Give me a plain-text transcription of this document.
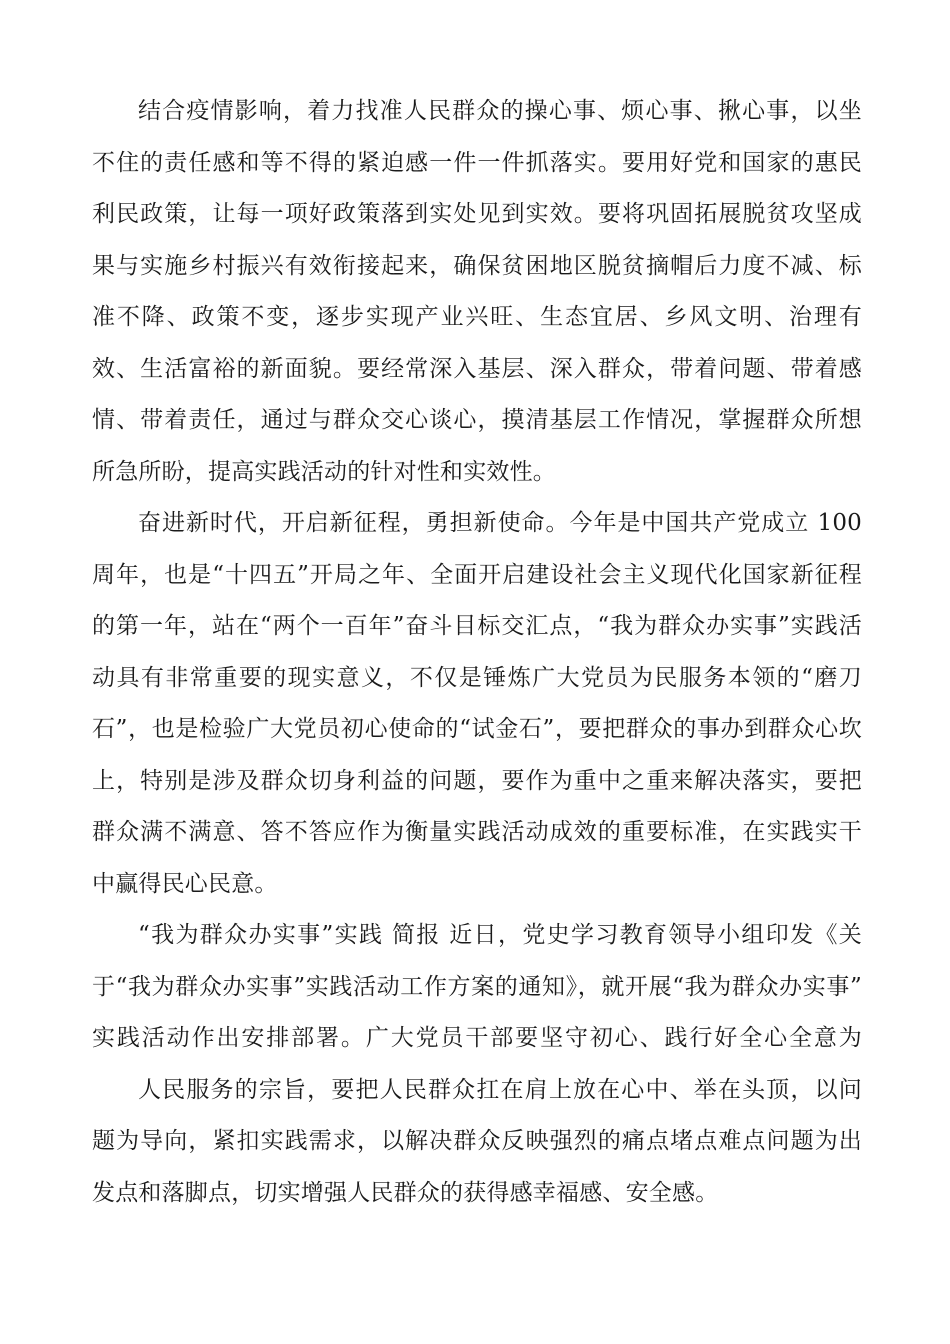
结合疫情影响，着力找准人民群众的操心事、烦心事、揪心事，以坐
不住的责任感和等不得的紧迫感一件一件抓落实。要用好党和国家的惠民
利民政策，让每一项好政策落到实处见到实效。要将巩固拓展脱贫攻坚成
果与实施乡村振兴有效衔接起来，确保贫困地区脱贫摘帽后力度不减、标
准不降、政策不变，逐步实现产业兴旺、生态宜居、乡风文明、治理有
效、生活富裕的新面貌。要经常深入基层、深入群众，带着问题、带着感
情、带着责任，通过与群众交心谈心，摸清基层工作情况，掌握群众所想
所急所盼，提高实践活动的针对性和实效性。
奋进新时代，开启新征程，勇担新使命。今年是中国共产党成立 100
周年，也是“十四五”开局之年、全面开启建设社会主义现代化国家新征程
的第一年，站在“两个一百年”奋斗目标交汇点，“我为群众办实事”实践活
动具有非常重要的现实意义，不仅是锤炼广大党员为民服务本领的“磨刀
石”，也是检验广大党员初心使命的“试金石”，要把群众的事办到群众心坎
上，特别是涉及群众切身利益的问题，要作为重中之重来解决落实，要把
群众满不满意、答不答应作为衡量实践活动成效的重要标准，在实践实干
中赢得民心民意。
“我为群众办实事”实践 简报 近日，党史学习教育领导小组印发《关
于“我为群众办实事”实践活动工作方案的通知》，就开展“我为群众办实事”
实践活动作出安排部署。广大党员干部要坚守初心、践行好全心全意为
人民服务的宗旨，要把人民群众扛在肩上放在心中、举在头顶，以问
题为导向，紧扣实践需求，以解决群众反映强烈的痛点堵点难点问题为出
发点和落脚点，切实增强人民群众的获得感幸福感、安全感。
